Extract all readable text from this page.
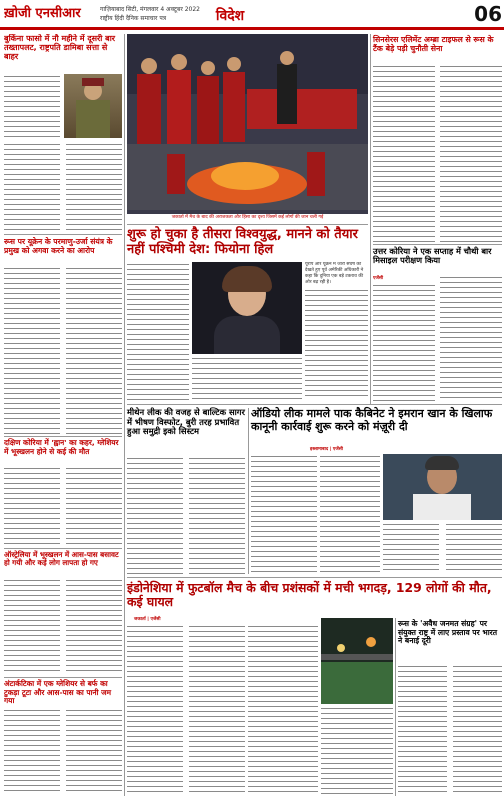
ख़ोजी एनसीआर	गाज़ियाबाद सिटी, मंगलवार 4 अक्टूबर 2022
राष्ट्रीय हिंदी दैनिक समाचार पत्र	विदेश	06
बुर्किना फासो में नौ महीने में दूसरी बार तख्तापलट, राष्ट्रपति डामिबा सत्ता से बाहर
रूस पर यूक्रेन के परमाणु-उर्जा संयंत्र के प्रमुख को अगवा करने का आरोप
दक्षिण कोरिया में 'ह्वान' का कहर, ग्लेशियर में भूस्खलन होने से कई की मौत
ऑस्ट्रेलिया में भूस्खलन में आस-पास बसावट हो गयी और कई लोग लापता हो गए
अंटार्कटिका में एक ग्लेशियर से बर्फ का टुकड़ा टूटा और आस-पास का पानी जम गया
जकार्ता में मैच के बाद की अराजकता और हिंसा का दृश्य जिसमें कई लोगों की जान चली गई
शुरू हो चुका है तीसरा विश्वयुद्ध, मानने को तैयार नहीं पश्चिमी देश: फियोना हिल
यूरोप और यूक्रेन में जारी संघर्ष को देखते हुए पूर्व अमेरिकी अधिकारी ने कहा कि दुनिया एक बड़े टकराव की ओर बढ़ रही है।
सिनसेरस एलिमेंट अम्ब्रा टाइफल से रूस के टैंक बेड़े पड़ी चुनौती सेना
उत्तर कोरिया ने एक सप्ताह में चौथी बार मिसाइल परीक्षण किया
एजेंसी
मीथेन लीक की वजह से बाल्टिक सागर में भीषण विस्फोट, बुरी तरह प्रभावित हुआ समुद्री इको सिस्टम
ऑडियो लीक मामले पाक कैबिनेट ने इमरान खान के खिलाफ कानूनी कार्रवाई शुरू करने को मंज़ूरी दी
इस्लामाबाद | एजेंसी
इंडोनेशिया में फुटबॉल मैच के बीच प्रशंसकों में मची भगदड़, 129 लोगों की मौत, कई घायल
जकार्ता | एजेंसी	रूस के 'अवैध जनमत संग्रह' पर संयुक्त राष्ट्र में लाए प्रस्ताव पर भारत ने बनाई दूरी
